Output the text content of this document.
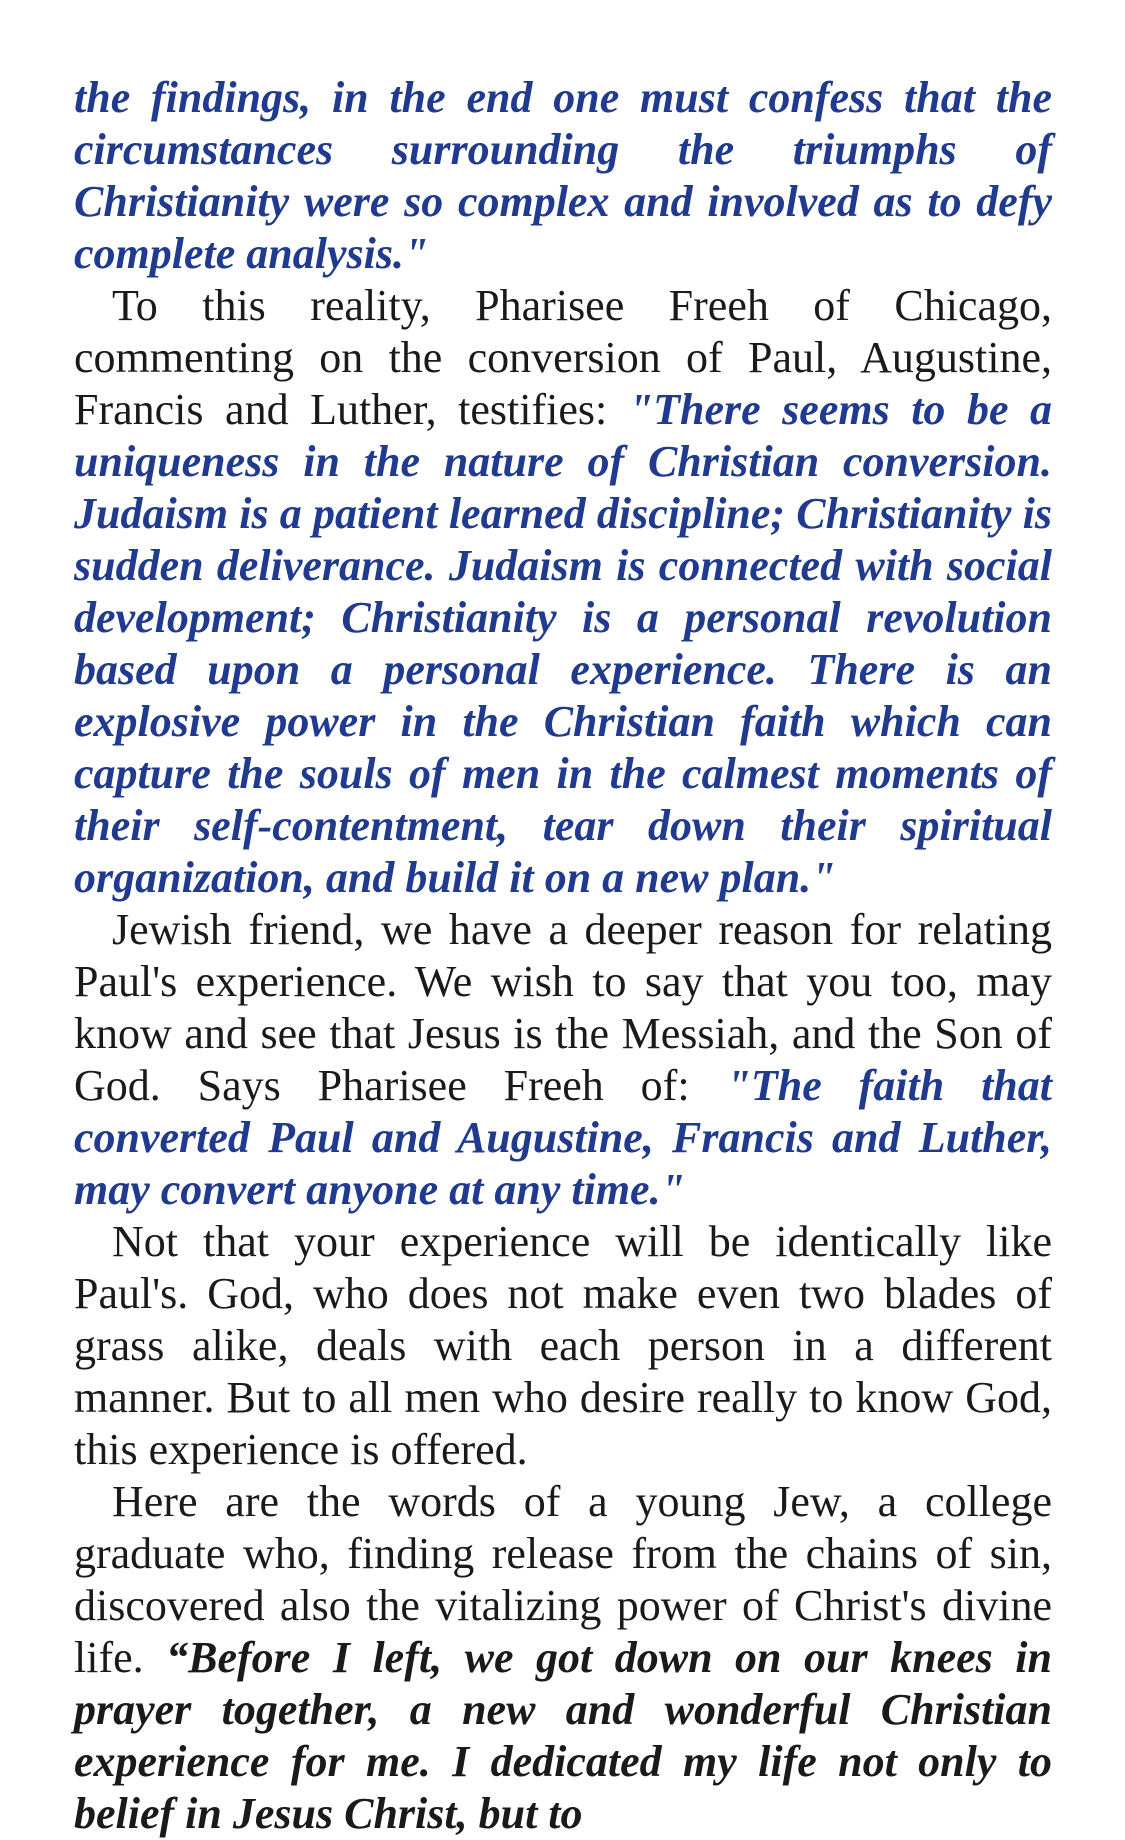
the findings, in the end one must confess that the circumstances surrounding the triumphs of Christianity were so complex and involved as to defy complete analysis."

To this reality, Pharisee Freeh of Chicago, commenting on the conversion of Paul, Augustine, Francis and Luther, testifies: "There seems to be a uniqueness in the nature of Christian conversion. Judaism is a patient learned discipline; Christianity is sudden deliverance. Judaism is connected with social development; Christianity is a personal revolution based upon a personal experience. There is an explosive power in the Christian faith which can capture the souls of men in the calmest moments of their self-contentment, tear down their spiritual organization, and build it on a new plan."

Jewish friend, we have a deeper reason for relating Paul's experience. We wish to say that you too, may know and see that Jesus is the Messiah, and the Son of God. Says Pharisee Freeh of: "The faith that converted Paul and Augustine, Francis and Luther, may convert anyone at any time."

Not that your experience will be identically like Paul's. God, who does not make even two blades of grass alike, deals with each person in a different manner. But to all men who desire really to know God, this experience is offered.

Here are the words of a young Jew, a college graduate who, finding release from the chains of sin, discovered also the vitalizing power of Christ's divine life. “Before I left, we got down on our knees in prayer together, a new and wonderful Christian experience for me. I dedicated my life not only to belief in Jesus Christ, but to
